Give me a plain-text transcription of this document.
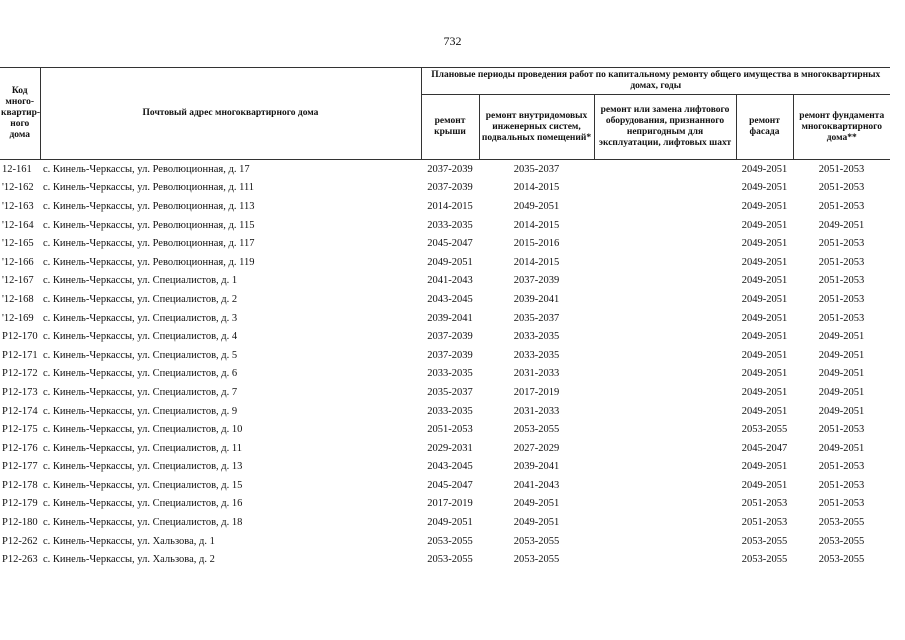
732
Код много-квартир-ного дома	Почтовый адрес многоквартирного дома	Плановые периоды проведения работ по капитальному ремонту общего имущества в многоквартирных домах, годы				
		ремонт крыши	ремонт внутридомовых инженерных систем, подвальных помещений*	ремонт или замена лифтового оборудования, признанного непригодным для эксплуатации, лифтовых шахт	ремонт фасада	ремонт фундамента многоквартирного дома**
12-161	с. Кинель-Черкассы, ул. Революционная, д. 17	2037-2039	2035-2037		2049-2051	2051-2053
'12-162	с. Кинель-Черкассы, ул. Революционная, д. 111	2037-2039	2014-2015		2049-2051	2051-2053
'12-163	с. Кинель-Черкассы, ул. Революционная, д. 113	2014-2015	2049-2051		2049-2051	2051-2053
'12-164	с. Кинель-Черкассы, ул. Революционная, д. 115	2033-2035	2014-2015		2049-2051	2049-2051
'12-165	с. Кинель-Черкассы, ул. Революционная, д. 117	2045-2047	2015-2016		2049-2051	2051-2053
'12-166	с. Кинель-Черкассы, ул. Революционная, д. 119	2049-2051	2014-2015		2049-2051	2051-2053
'12-167	с. Кинель-Черкассы, ул. Специалистов, д. 1	2041-2043	2037-2039		2049-2051	2051-2053
'12-168	с. Кинель-Черкассы, ул. Специалистов, д. 2	2043-2045	2039-2041		2049-2051	2051-2053
'12-169	с. Кинель-Черкассы, ул. Специалистов, д. 3	2039-2041	2035-2037		2049-2051	2051-2053
P12-170	с. Кинель-Черкассы, ул. Специалистов, д. 4	2037-2039	2033-2035		2049-2051	2049-2051
P12-171	с. Кинель-Черкассы, ул. Специалистов, д. 5	2037-2039	2033-2035		2049-2051	2049-2051
P12-172	с. Кинель-Черкассы, ул. Специалистов, д. 6	2033-2035	2031-2033		2049-2051	2049-2051
P12-173	с. Кинель-Черкассы, ул. Специалистов, д. 7	2035-2037	2017-2019		2049-2051	2049-2051
P12-174	с. Кинель-Черкассы, ул. Специалистов, д. 9	2033-2035	2031-2033		2049-2051	2049-2051
P12-175	с. Кинель-Черкассы, ул. Специалистов, д. 10	2051-2053	2053-2055		2053-2055	2051-2053
P12-176	с. Кинель-Черкассы, ул. Специалистов, д. 11	2029-2031	2027-2029		2045-2047	2049-2051
P12-177	с. Кинель-Черкассы, ул. Специалистов, д. 13	2043-2045	2039-2041		2049-2051	2051-2053
P12-178	с. Кинель-Черкассы, ул. Специалистов, д. 15	2045-2047	2041-2043		2049-2051	2051-2053
P12-179	с. Кинель-Черкассы, ул. Специалистов, д. 16	2017-2019	2049-2051		2051-2053	2051-2053
P12-180	с. Кинель-Черкассы, ул. Специалистов, д. 18	2049-2051	2049-2051		2051-2053	2053-2055
P12-262	с. Кинель-Черкассы, ул. Хальзова, д. 1	2053-2055	2053-2055		2053-2055	2053-2055
P12-263	с. Кинель-Черкассы, ул. Хальзова, д. 2	2053-2055	2053-2055		2053-2055	2053-2055
